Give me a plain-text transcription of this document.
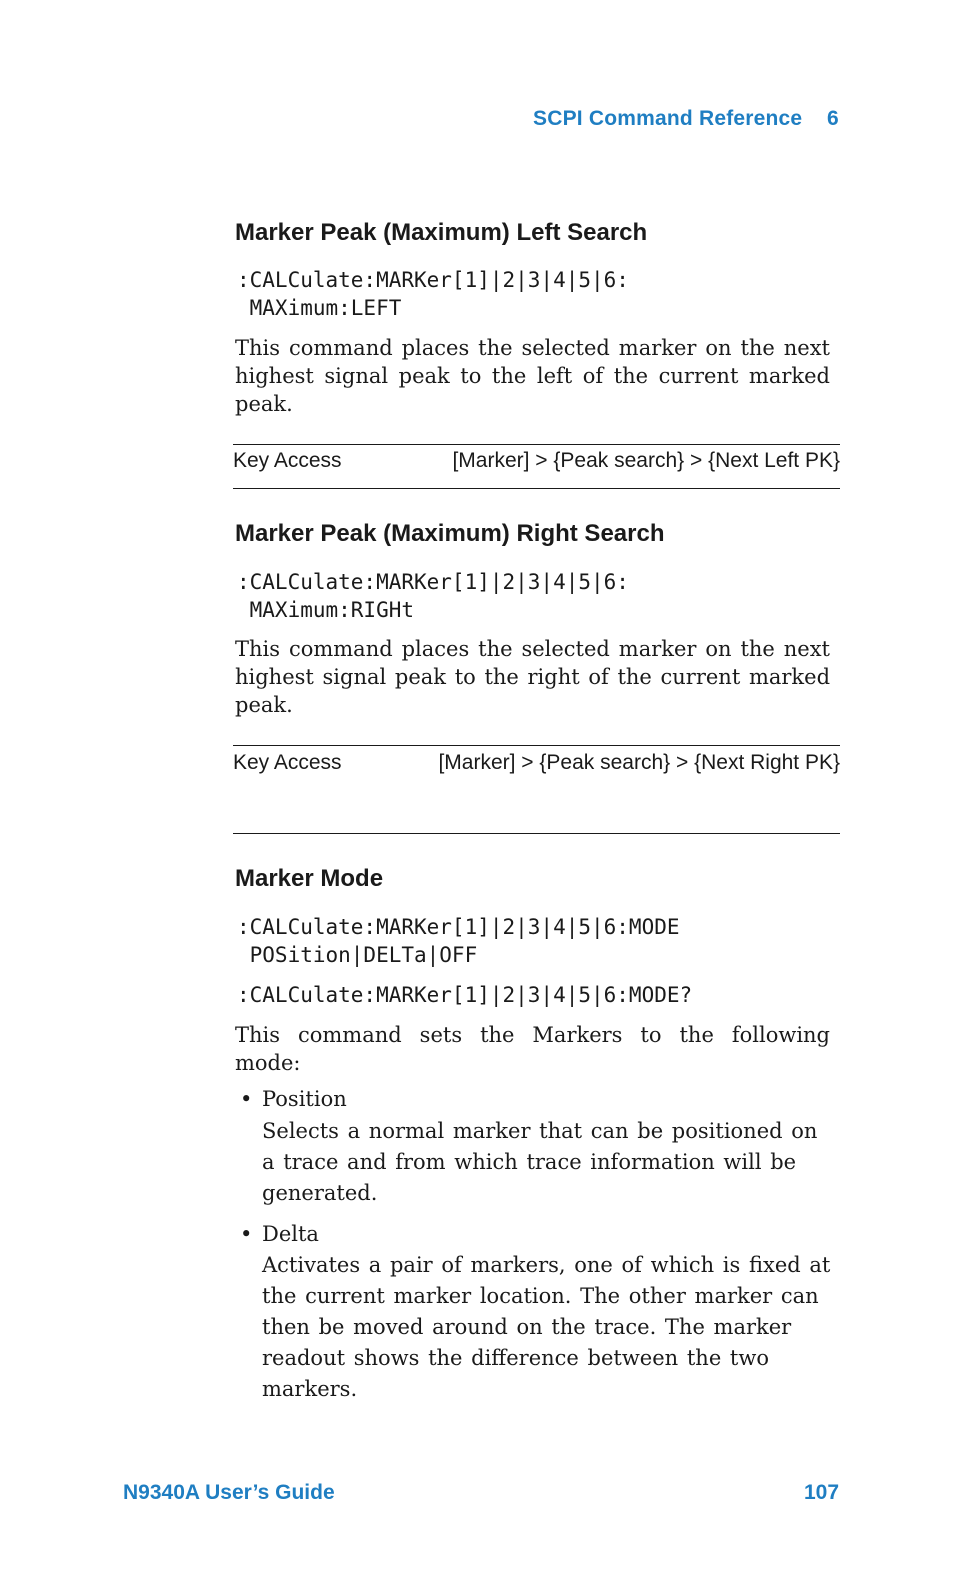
SCPI Command Reference 6
Marker Peak (Maximum) Left Search
:CALCulate:MARKer[1]|2|3|4|5|6:
MAXimum:LEFT
This command places the selected marker on the next highest signal peak to the left of the current marked peak.
Key Access	[Marker] > {Peak search} > {Next Left PK}
Marker Peak (Maximum) Right Search
:CALCulate:MARKer[1]|2|3|4|5|6:
MAXimum:RIGHt
This command places the selected marker on the next highest signal peak to the right of the current marked peak.
Key Access	[Marker] > {Peak search} > {Next Right PK}
Marker Mode
:CALCulate:MARKer[1]|2|3|4|5|6:MODE
POSition|DELTa|OFF
:CALCulate:MARKer[1]|2|3|4|5|6:MODE?
This command sets the Markers to the following mode:
• Position
Selects a normal marker that can be positioned on a trace and from which trace information will be generated.
• Delta
Activates a pair of markers, one of which is fixed at the current marker location. The other marker can then be moved around on the trace. The marker readout shows the difference between the two markers.
N9340A User’s Guide	107
